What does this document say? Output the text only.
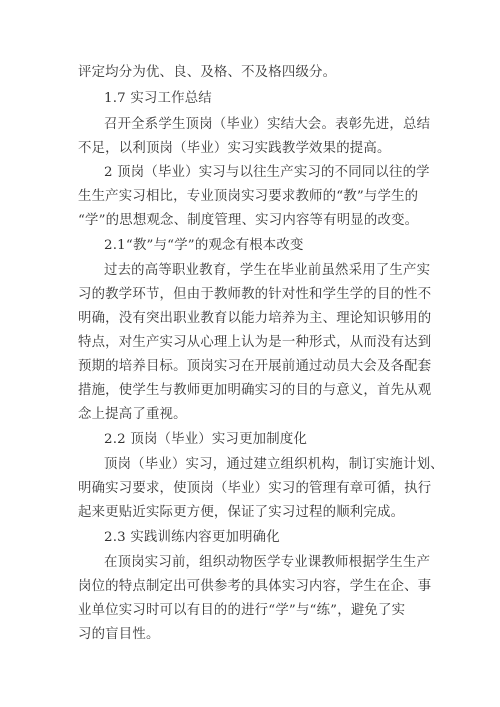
评定均分为优、良、及格、不及格四级分。
1.7 实习工作总结
召开全系学生顶岗（毕业）实结大会。表彰先进，总结
不足，以利顶岗（毕业）实习实践教学效果的提高。
2 顶岗（毕业）实习与以往生产实习的不同同以往的学
生生产实习相比，专业顶岗实习要求教师的“教”与学生的
“学”的思想观念、制度管理、实习内容等有明显的改变。
2.1“教”与“学”的观念有根本改变
过去的高等职业教育，学生在毕业前虽然采用了生产实
习的教学环节，但由于教师教的针对性和学生学的目的性不
明确，没有突出职业教育以能力培养为主、理论知识够用的
特点，对生产实习从心理上认为是一种形式，从而没有达到
预期的培养目标。顶岗实习在开展前通过动员大会及各配套
措施，使学生与教师更加明确实习的目的与意义，首先从观
念上提高了重视。
2.2 顶岗（毕业）实习更加制度化
顶岗（毕业）实习，通过建立组织机构，制订实施计划、
明确实习要求，使顶岗（毕业）实习的管理有章可循，执行
起来更贴近实际更方便，保证了实习过程的顺利完成。
2.3 实践训练内容更加明确化
在顶岗实习前，组织动物医学专业课教师根据学生生产
岗位的特点制定出可供参考的具体实习内容，学生在企、事
业单位实习时可以有目的的进行“学”与“练”，避免了实
习的盲目性。
